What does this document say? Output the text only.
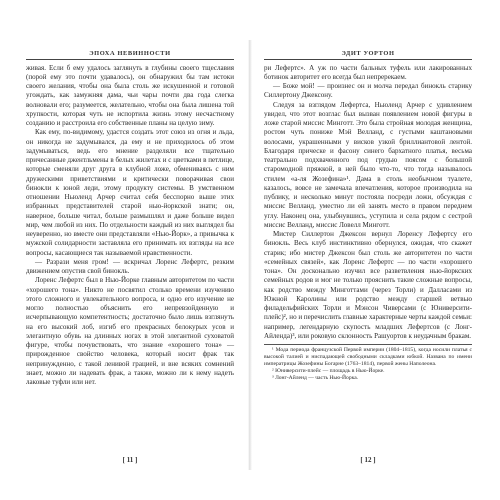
ЭПОХА НЕВИННОСТИ

живая. Если б ему удалось заглянуть в глубины своего тщеславия (порой ему это почти удавалось), он обнаружил бы там истоки своего желания, чтобы она была столь же искушенной и готовой угождать, как замужняя дама, чьи чары почти два года слегка волновали его; разумеется, желательно, чтобы она была лишена той хрупкости, которая чуть не испортила жизнь этому несчастному созданию и расстроила его собственные планы на целую зиму.

Как ему, по-видимому, удастся создать этот союз из огня и льда, он никогда не задумывался, да ему и не приходилось об этом задумываться, ведь его мнение разделяли все тщательно причесанные джентльмены в белых жилетах и с цветками в петлице, которые сменяли друг друга в клубной ложе, обмениваясь с ним дружескими приветствиями и критически поворачивая свои бинокли к юной леди, этому продукту системы. В умственном отношении Ньюленд Арчер считал себя бесспорно выше этих избранных представителей старой нью-йоркской знати; он, наверное, больше читал, больше размышлял и даже больше видел мир, чем любой из них. По отдельности каждый из них выглядел бы неуверенно, но вместе они представляли «Нью-Йорк», а привычка к мужской солидарности заставляла его принимать их взгляды на все вопросы, касающиеся так называемой нравственности.

— Разрази меня гром! — вскричал Лоренс Лефертс, резким движением опустив свой бинокль.

Лоренс Лефертс был в Нью-Йорке главным авторитетом по части «хорошего тона». Никто не посвятил столько времени изучению этого сложного и увлекательного вопроса, и одно его изучение не могло полностью объяснить его непревзойденную и исчерпывающую компетентность; достаточно было лишь взглянуть на его высокий лоб, изгиб его прекрасных белокурых усов и элегантную обувь на длинных ногах в этой элегантной суховатой фигуре, чтобы почувствовать, что знание «хорошего тона» — прирожденное свойство человека, который носит фрак так непринужденно, с такой ленивой грацией, и вне всяких сомнений знает, можно ли надевать фрак, а также, можно ли к нему надеть лаковые туфли или нет.

ЭДИТ УОРТОН

ри Лефертс». А уж по части бальных туфель или лакированных ботинок авторитет его всегда был непререкаем.

— Боже мой! — произнес он и молча передал бинокль старику Силлертону Джексону.

Следуя за взглядом Лефертса, Ньюленд Арчер с удивлением увидел, что этот возглас был вызван появлением новой фигуры в ложе старой миссис Минготт. Это была стройная молодая женщина, ростом чуть пониже Мэй Велланд, с густыми каштановыми волосами, украшенными у висков узкой бриллиантовой лентой. Благодаря прическе и фасону синего бархатного платья, весьма театрально подхваченного под грудью поясом с большой старомодной пряжкой, в ней было что-то, что тогда называлось стилем «а-ля Жозефина»¹. Дама в столь необычном туалете, казалось, вовсе не замечала впечатления, которое производила на публику, и несколько минут постояла посреди ложи, обсуждая с миссис Велланд, уместно ли ей занять место в правом переднем углу. Наконец она, улыбнувшись, уступила и села рядом с сестрой миссис Велланд, миссис Ловелл Минготт.

Мистер Силлертон Джексон вернул Лоренсу Лефертсу его бинокль. Весь клуб инстинктивно обернулся, ожидая, что скажет старик; ибо мистер Джексон был столь же авторитетен по части «семейных связей», как Лоренс Лефертс — по части «хорошего тона». Он досконально изучил все разветвления нью-йоркских семейных родов и мог не только прояснить такие сложные вопросы, как родство между Минготтами (через Торли) и Далласами из Южной Каролины или родство между старшей ветвью филадельфийских Торли и Мэнсон Чиверсами (с Юниверсити-плейс)², но и перечислить главные характерные черты каждой семьи: например, легендарную скупость младших Лефертсов (с Лонг-Айленда)³, или роковую склонность Рашуортов к неудачным бракам.

¹ Мода периода французской Первой империи (1804–1815), когда носили платья с высокой талией и ниспадающей свободными складками юбкой. Названа по имени императрицы Жозефины Богарне (1763–1814), первой жены Наполеона.

² Юниверсити-плейс — площадь в Нью-Йорке.

³ Лонг-Айленд — часть Нью-Йорка.

[ 11 ]	[ 12 ]
